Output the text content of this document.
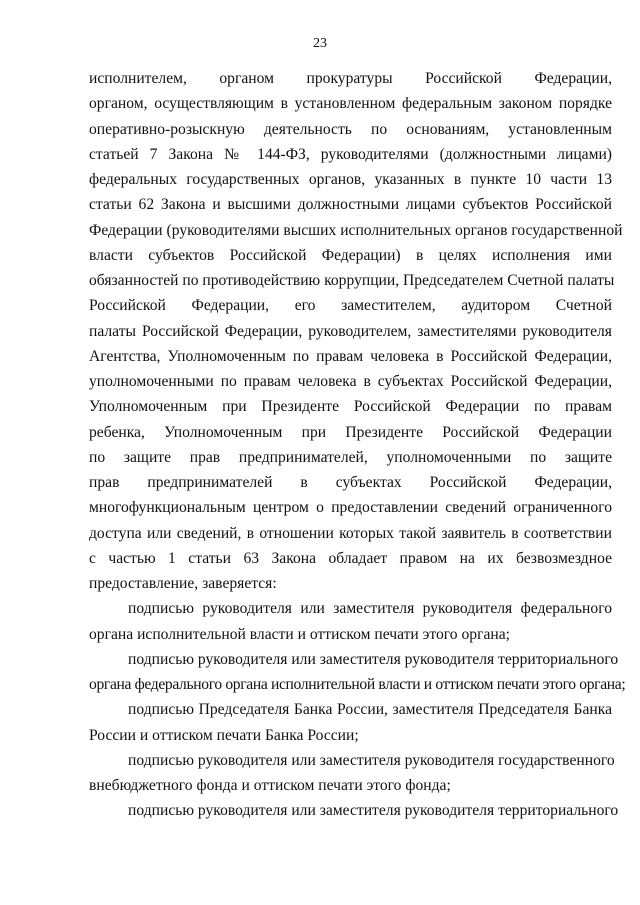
23
исполнителем, органом прокуратуры Российской Федерации,
органом, осуществляющим в установленном федеральным законом порядке
оперативно-розыскную деятельность по основаниям, установленным
статьей 7 Закона № 144-ФЗ, руководителями (должностными лицами)
федеральных государственных органов, указанных в пункте 10 части 13
статьи 62 Закона и высшими должностными лицами субъектов Российской
Федерации (руководителями высших исполнительных органов государственной
власти субъектов Российской Федерации) в целях исполнения ими
обязанностей по противодействию коррупции, Председателем Счетной палаты
Российской Федерации, его заместителем, аудитором Счетной
палаты Российской Федерации, руководителем, заместителями руководителя
Агентства, Уполномоченным по правам человека в Российской Федерации,
уполномоченными по правам человека в субъектах Российской Федерации,
Уполномоченным при Президенте Российской Федерации по правам
ребенка, Уполномоченным при Президенте Российской Федерации
по защите прав предпринимателей, уполномоченными по защите
прав предпринимателей в субъектах Российской Федерации,
многофункциональным центром о предоставлении сведений ограниченного
доступа или сведений, в отношении которых такой заявитель в соответствии
с частью 1 статьи 63 Закона обладает правом на их безвозмездное
предоставление, заверяется:
подписью руководителя или заместителя руководителя федерального
органа исполнительной власти и оттиском печати этого органа;
подписью руководителя или заместителя руководителя территориального
органа федерального органа исполнительной власти и оттиском печати этого органа;
подписью Председателя Банка России, заместителя Председателя Банка
России и оттиском печати Банка России;
подписью руководителя или заместителя руководителя государственного
внебюджетного фонда и оттиском печати этого фонда;
подписью руководителя или заместителя руководителя территориального
